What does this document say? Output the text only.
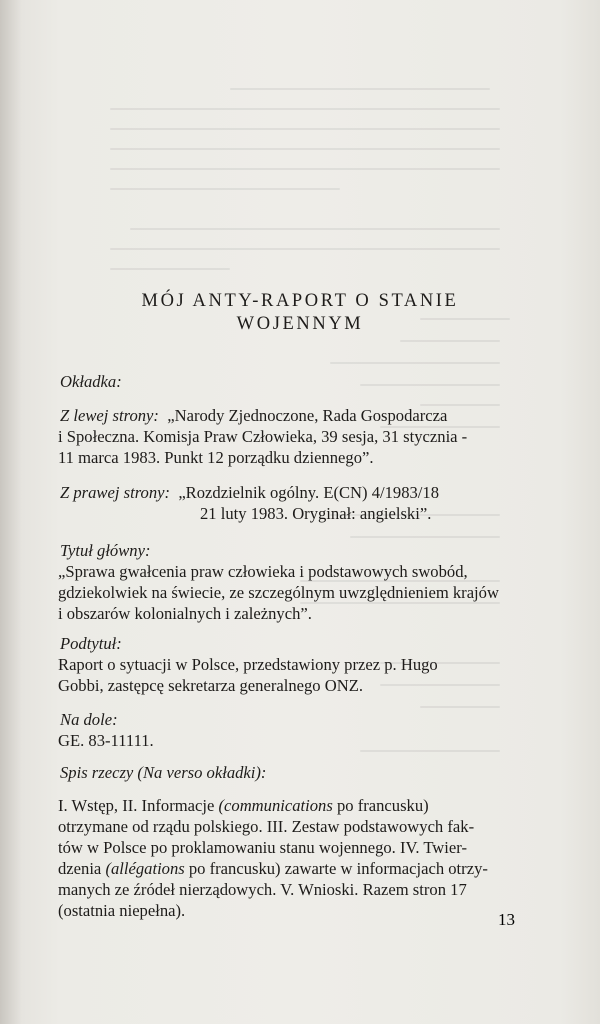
MÓJ ANTY-RAPORT O STANIE
WOJENNYM
Okładka:
Z lewej strony: „Narody Zjednoczone, Rada Gospodarcza
i Społeczna. Komisja Praw Człowieka, 39 sesja, 31 stycznia -
11 marca 1983. Punkt 12 porządku dziennego”.
Z prawej strony: „Rozdzielnik ogólny. E(CN) 4/1983/18
21 luty 1983. Oryginał: angielski”.
Tytuł główny:
„Sprawa gwałcenia praw człowieka i podstawowych swobód,
gdziekolwiek na świecie, ze szczególnym uwzględnieniem krajów
i obszarów kolonialnych i zależnych”.
Podtytuł:
Raport o sytuacji w Polsce, przedstawiony przez p. Hugo
Gobbi, zastępcę sekretarza generalnego ONZ.
Na dole:
GE. 83-11111.
Spis rzeczy (Na verso okładki):
I. Wstęp, II. Informacje (communications po francusku)
otrzymane od rządu polskiego. III. Zestaw podstawowych fak-
tów w Polsce po proklamowaniu stanu wojennego. IV. Twier-
dzenia (allégations po francusku) zawarte w informacjach otrzy-
manych ze źródeł nierządowych. V. Wnioski. Razem stron 17
(ostatnia niepełna).	13
